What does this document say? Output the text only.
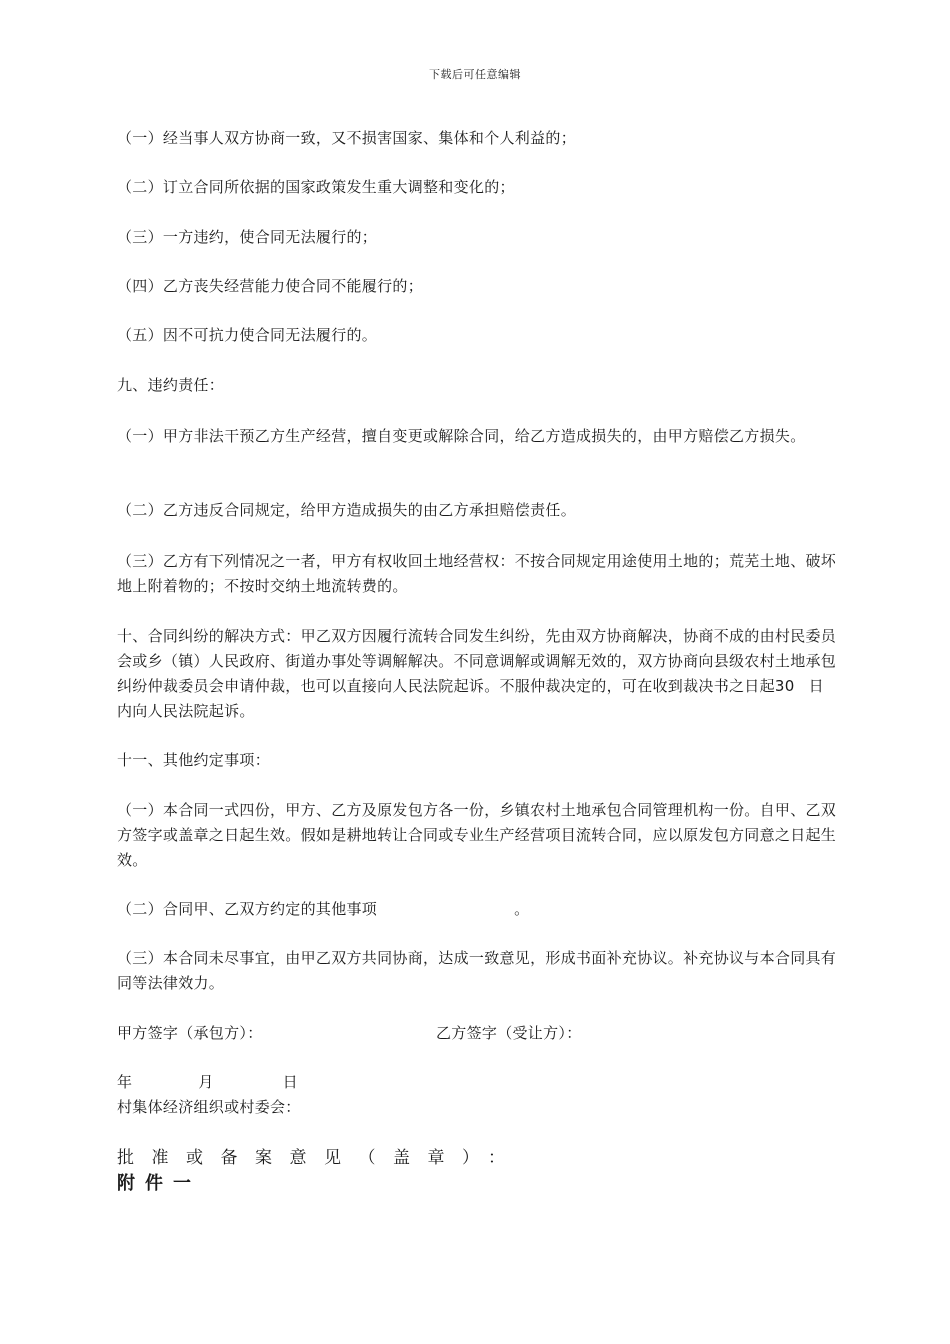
下载后可任意编辑
（一）经当事人双方协商一致，又不损害国家、集体和个人利益的；
（二）订立合同所依据的国家政策发生重大调整和变化的；
（三）一方违约，使合同无法履行的；
（四）乙方丧失经营能力使合同不能履行的；
（五）因不可抗力使合同无法履行的。
九、违约责任：
（一）甲方非法干预乙方生产经营，擅自变更或解除合同，给乙方造成损失的，由甲方赔偿乙方损失。
（二）乙方违反合同规定，给甲方造成损失的由乙方承担赔偿责任。
（三）乙方有下列情况之一者，甲方有权收回土地经营权：不按合同规定用途使用土地的；荒芜土地、破坏地上附着物的；不按时交纳土地流转费的。
十、合同纠纷的解决方式：甲乙双方因履行流转合同发生纠纷，先由双方协商解决，协商不成的由村民委员会或乡（镇）人民政府、街道办事处等调解解决。不同意调解或调解无效的，双方协商向县级农村土地承包纠纷仲裁委员会申请仲裁，也可以直接向人民法院起诉。不服仲裁决定的，可在收到裁决书之日起30 日内向人民法院起诉。
十一、其他约定事项：
（一）本合同一式四份，甲方、乙方及原发包方各一份，乡镇农村土地承包合同管理机构一份。自甲、乙双方签字或盖章之日起生效。假如是耕地转让合同或专业生产经营项目流转合同，应以原发包方同意之日起生效。
（二）合同甲、乙双方约定的其他事项	。
（三）本合同未尽事宜，由甲乙双方共同协商，达成一致意见，形成书面补充协议。补充协议与本合同具有同等法律效力。
甲方签字（承包方）：	乙方签字（受让方）：
年	月	日
村集体经济组织或村委会：
批准或备案意见（盖章）：
附件一
